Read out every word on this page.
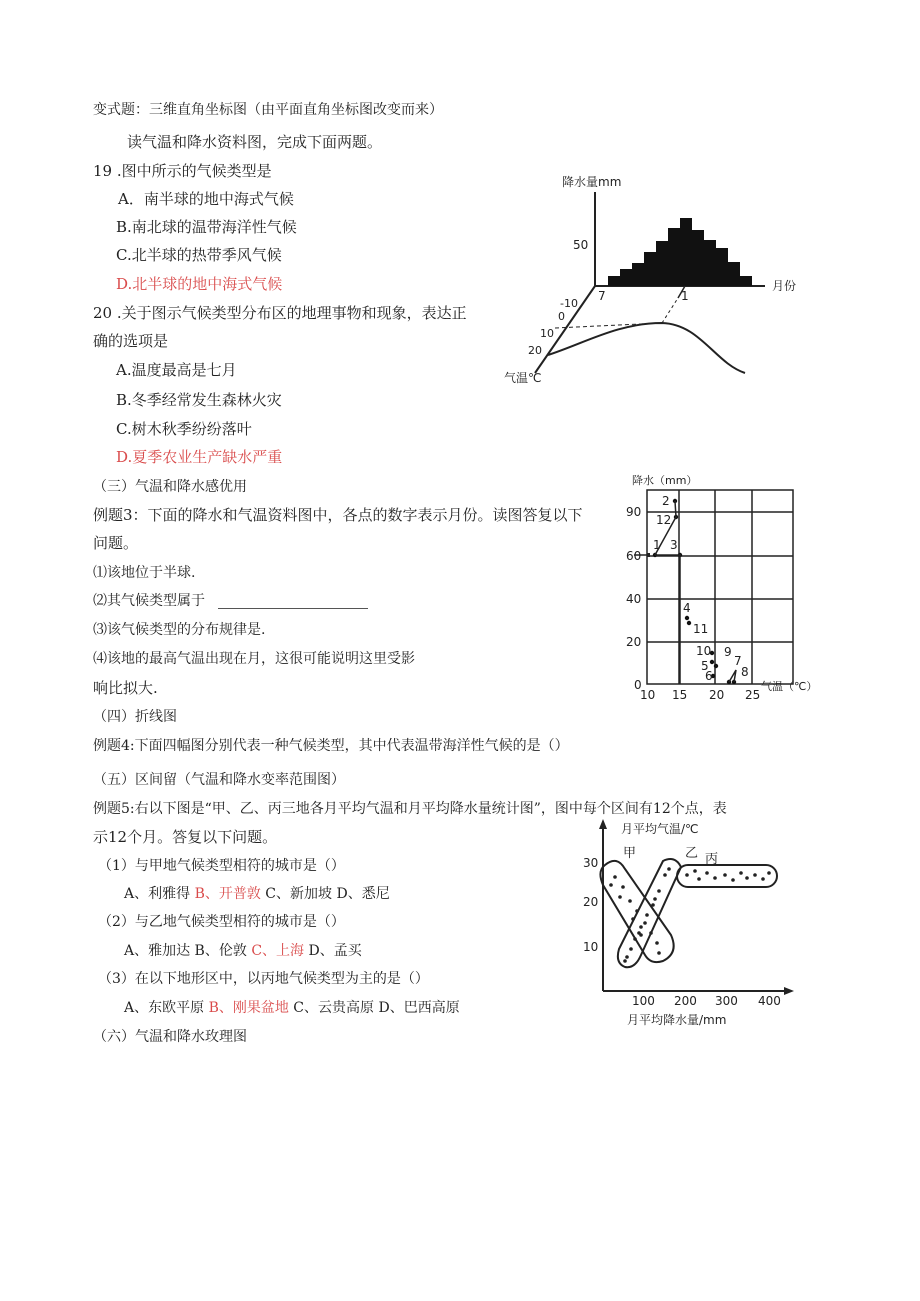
变式题：三维直角坐标图（由平面直角坐标图改变而来）
读气温和降水资料图，完成下面两题。
19 .图中所示的气候类型是
A．南半球的地中海式气候
B.南北球的温带海洋性气候
C.北半球的热带季风气候
D.北半球的地中海式气候
20 .关于图示气候类型分布区的地理事物和现象，表达正
确的选项是
A.温度最高是七月
B.冬季经常发生森林火灾
C.树木秋季纷纷落叶
D.夏季农业生产缺水严重
（三）气温和降水感优用
例题3：下面的降水和气温资料图中，各点的数字表示月份。读图答复以下
问题。
⑴该地位于半球.
⑵其气候类型属于
⑶该气候类型的分布规律是.
⑷该地的最高气温出现在月，这很可能说明这里受影
响比拟大.
（四）折线图
例题4:下面四幅图分别代表一种气候类型，其中代表温带海洋性气候的是（）
（五）区间留（气温和降水变率范围图）
例题5:右以下图是“甲、乙、丙三地各月平均气温和月平均降水量统计图”，图中每个区间有12个点，表
示12个月。答复以下问题。
（1）与甲地气候类型相符的城市是（）
A、利雅得 B、开普敦 C、新加坡 D、悉尼
（2）与乙地气候类型相符的城市是（）
A、雅加达 B、伦敦 C、上海 D、孟买
（3）在以下地形区中，以丙地气候类型为主的是（）
A、东欧平原 B、刚果盆地 C、云贵高原 D、巴西高原
（六）气温和降水玫理图
降水量mm
50
7	1
月份
-10
0
10
20
气温℃
降水（mm）
90
60
40
20
0
10 15 20 25
气温（℃）
2
12
1 3
4
11
10 9
5 7
6 8
月平均气温/℃
30
20
10
100 200 300 400
月平均降水量/mm
甲	乙 丙
